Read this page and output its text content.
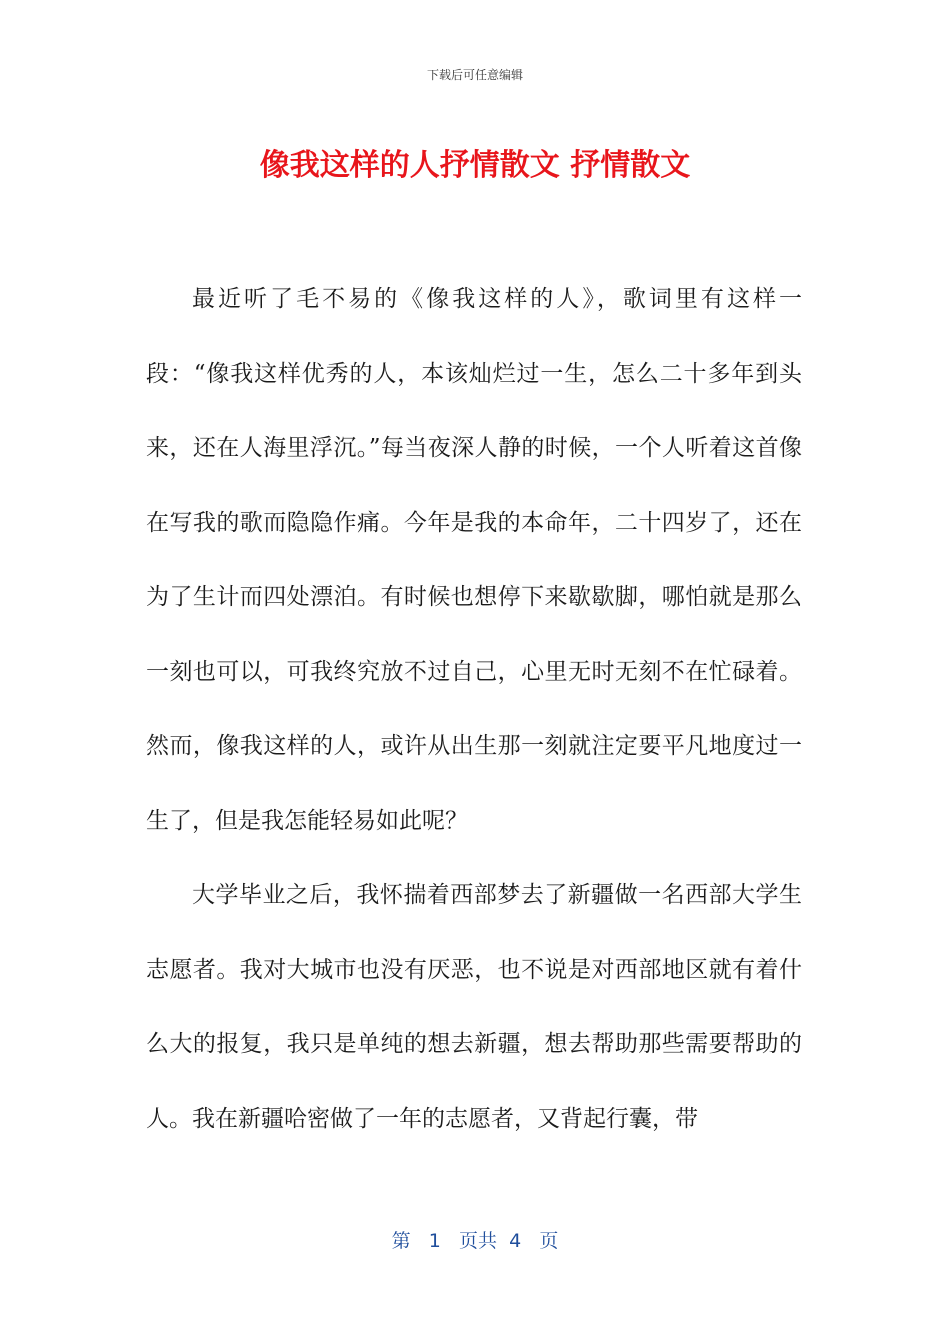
下载后可任意编辑
像我这样的人抒情散文 抒情散文

最近听了毛不易的《像我这样的人》，歌词里有这样一段：“像我这样优秀的人，本该灿烂过一生，怎么二十多年到头来，还在人海里浮沉。”每当夜深人静的时候，一个人听着这首像在写我的歌而隐隐作痛。今年是我的本命年，二十四岁了，还在为了生计而四处漂泊。有时候也想停下来歇歇脚，哪怕就是那么一刻也可以，可我终究放不过自己，心里无时无刻不在忙碌着。然而，像我这样的人，或许从出生那一刻就注定要平凡地度过一生了，但是我怎能轻易如此呢？

大学毕业之后，我怀揣着西部梦去了新疆做一名西部大学生志愿者。我对大城市也没有厌恶，也不说是对西部地区就有着什么大的报复，我只是单纯的想去新疆，想去帮助那些需要帮助的人。我在新疆哈密做了一年的志愿者，又背起行囊，带

第 1 页共 4 页
